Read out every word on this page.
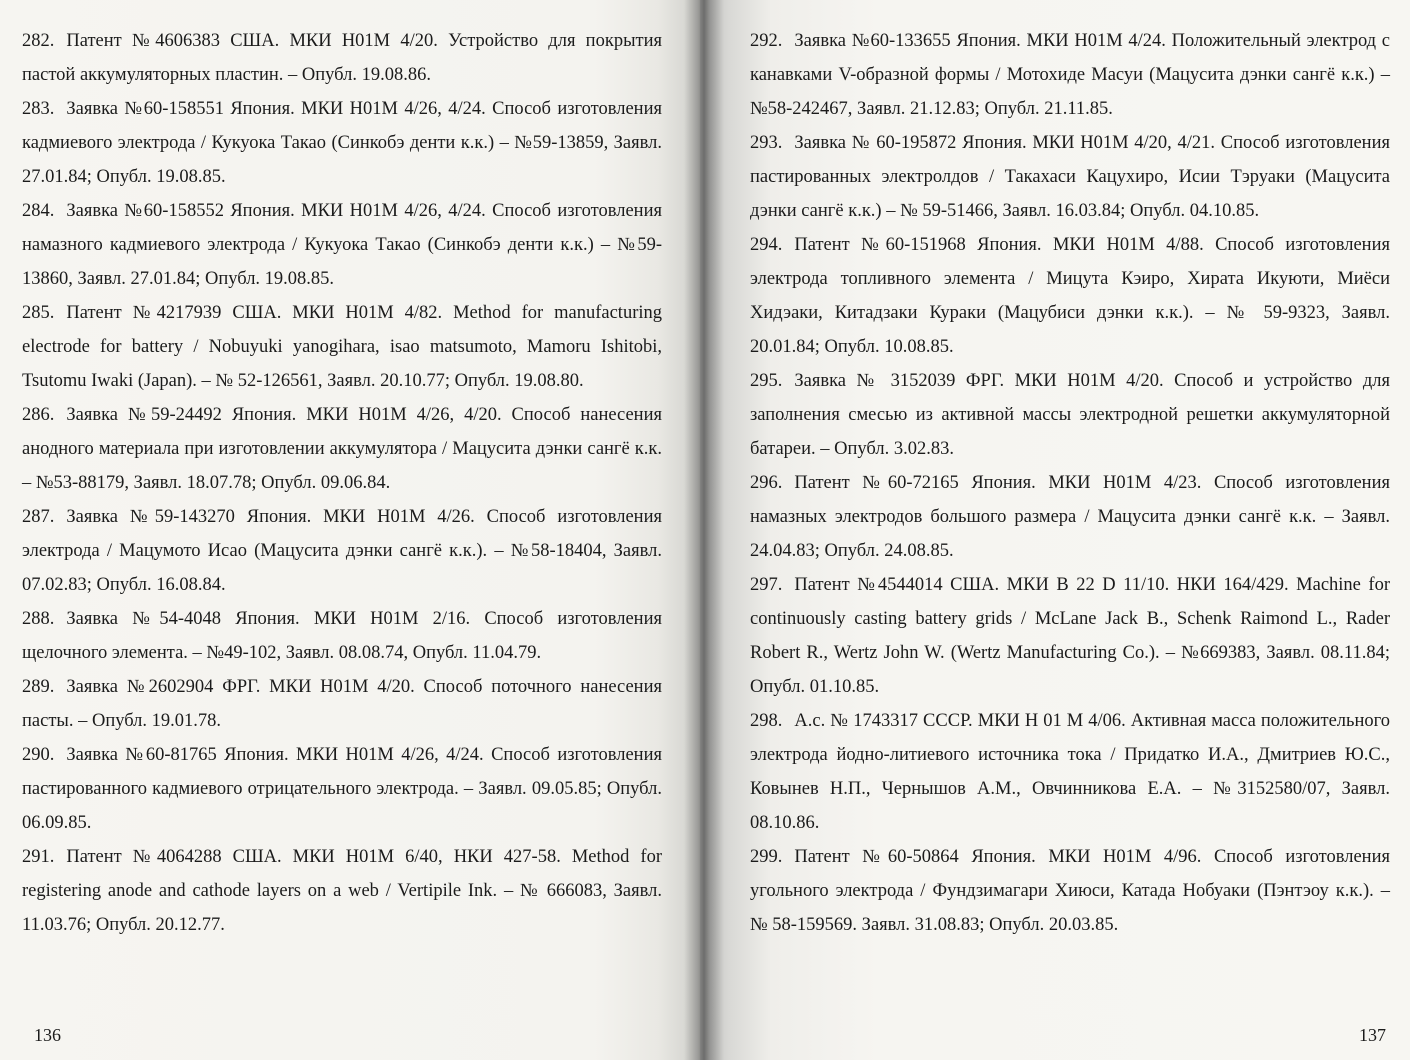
282. Патент №4606383 США. МКИ H01M 4/20. Устройство для покрытия пастой аккумуляторных пластин. – Опубл. 19.08.86.
283. Заявка №60-158551 Япония. МКИ H01M 4/26, 4/24. Способ изготовления кадмиевого электрода / Кукуока Такао (Синкобэ денти к.к.) – №59-13859, Заявл. 27.01.84; Опубл. 19.08.85.
284. Заявка №60-158552 Япония. МКИ H01M 4/26, 4/24. Способ изготовления намазного кадмиевого электрода / Кукуока Такао (Синкобэ денти к.к.) – №59-13860, Заявл. 27.01.84; Опубл. 19.08.85.
285. Патент №4217939 США. МКИ H01M 4/82. Method for manufacturing electrode for battery / Nobuyuki yanogihara, isao matsumoto, Mamoru Ishitobi, Tsutomu Iwaki (Japan). – № 52-126561, Заявл. 20.10.77; Опубл. 19.08.80.
286. Заявка №59-24492 Япония. МКИ H01M 4/26, 4/20. Способ нанесения анодного материала при изготовлении аккумулятора / Мацусита дэнки сангё к.к. – №53-88179, Заявл. 18.07.78; Опубл. 09.06.84.
287. Заявка №59-143270 Япония. МКИ H01M 4/26. Способ изготовления электрода / Мацумото Исао (Мацусита дэнки сангё к.к.). – №58-18404, Заявл. 07.02.83; Опубл. 16.08.84.
288. Заявка №54-4048 Япония. МКИ H01M 2/16. Способ изготовления щелочного элемента. – №49-102, Заявл. 08.08.74, Опубл. 11.04.79.
289. Заявка №2602904 ФРГ. МКИ H01M 4/20. Способ поточного нанесения пасты. – Опубл. 19.01.78.
290. Заявка №60-81765 Япония. МКИ H01M 4/26, 4/24. Способ изготовления пастированного кадмиевого отрицательного электрода. – Заявл. 09.05.85; Опубл. 06.09.85.
291. Патент №4064288 США. МКИ H01M 6/40, НКИ 427-58. Method for registering anode and cathode layers on a web / Vertipile Ink. – № 666083, Заявл. 11.03.76; Опубл. 20.12.77.
136
292. Заявка №60-133655 Япония. МКИ H01M 4/24. Положительный электрод с канавками V-образной формы / Мотохиде Масуи (Мацусита дэнки сангё к.к.) – №58-242467, Заявл. 21.12.83; Опубл. 21.11.85.
293. Заявка № 60-195872 Япония. МКИ H01M 4/20, 4/21. Способ изготовления пастированных электролдов / Такахаси Кацухиро, Исии Тэруаки (Мацусита дэнки сангё к.к.) – № 59-51466, Заявл. 16.03.84; Опубл. 04.10.85.
294. Патент №60-151968 Япония. МКИ H01M 4/88. Способ изготовления электрода топливного элемента / Мицута Кэиро, Хирата Икуюти, Миёси Хидэаки, Китадзаки Кураки (Мацубиси дэнки к.к.). – № 59-9323, Заявл. 20.01.84; Опубл. 10.08.85.
295. Заявка № 3152039 ФРГ. МКИ H01M 4/20. Способ и устройство для заполнения смесью из активной массы электродной решетки аккумуляторной батареи. – Опубл. 3.02.83.
296. Патент №60-72165 Япония. МКИ H01M 4/23. Способ изготовления намазных электродов большого размера / Мацусита дэнки сангё к.к. – Заявл. 24.04.83; Опубл. 24.08.85.
297. Патент №4544014 США. МКИ B 22 D 11/10. НКИ 164/429. Machine for continuously casting battery grids / McLane Jack B., Schenk Raimond L., Rader Robert R., Wertz John W. (Wertz Manufacturing Co.). – №669383, Заявл. 08.11.84; Опубл. 01.10.85.
298. А.с. № 1743317 СССР. МКИ H 01 M 4/06. Активная масса положительного электрода йодно-литиевого источника тока / Придатко И.А., Дмитриев Ю.С., Ковынев Н.П., Чернышов А.М., Овчинникова Е.А. – №3152580/07, Заявл. 08.10.86.
299. Патент №60-50864 Япония. МКИ H01M 4/96. Способ изготовления угольного электрода / Фундзимагари Хиюси, Катада Нобуаки (Пэнтэоу к.к.). – № 58-159569. Заявл. 31.08.83; Опубл. 20.03.85.
137
